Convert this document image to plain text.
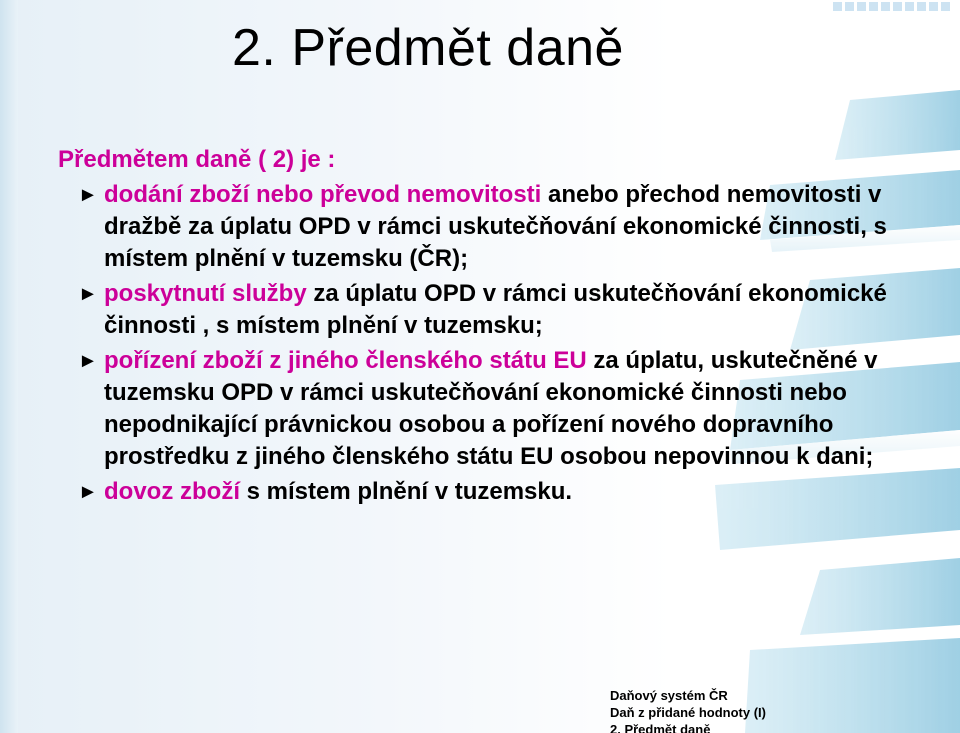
2. Předmět daně
Předmětem daně ( 2) je :
► dodání zboží nebo převod nemovitosti anebo přechod nemovitosti v dražbě za úplatu OPD v rámci uskutečňování ekonomické činnosti, s místem plnění v tuzemsku (ČR);
► poskytnutí služby za úplatu OPD v rámci uskutečňování ekonomické činnosti , s místem plnění v tuzemsku;
► pořízení zboží z jiného členského státu EU za úplatu, uskutečněné v tuzemsku OPD v rámci uskutečňování ekonomické činnosti nebo nepodnikající právnickou osobou a pořízení nového dopravního prostředku z jiného členského státu EU osobou nepovinnou k dani;
► dovoz zboží s místem plnění v tuzemsku.
Daňový systém ČR
Daň z přidané hodnoty (I)
2. Předmět daně
